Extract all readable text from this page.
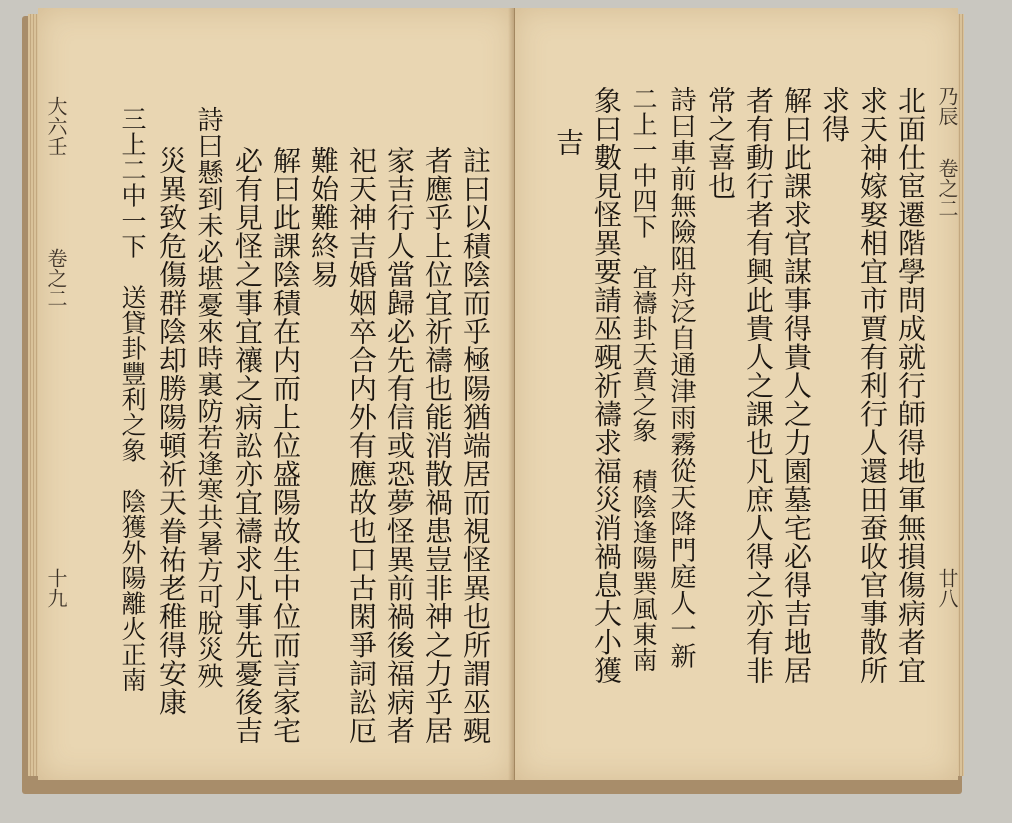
大六壬
卷之二
十九	註曰以積陰而乎極陽猶端居而視怪異也所謂巫覡
者應乎上位宜祈禱也能消散禍患豈非神之力乎居
家吉行人當歸必先有信或恐夢怪異前禍後福病者
祀天神吉婚姻卒合内外有應故也口古閑爭詞訟厄
難始難終易
解曰此課陰積在内而上位盛陽故生中位而言家宅
必有見怪之事宜禳之病訟亦宜禱求凡事先憂後吉
詩曰懸到未必堪憂來時裏防若逢寒共暑方可脫災殃
災異致危傷群陰却勝陽頓祈天眷祐老稚得安康
三上二中一下　送貸卦豐利之象　陰獲外陽離火正南	乃辰
卷之二
廿八
北面仕宦遷階學問成就行師得地軍無損傷病者宜
求天神嫁娶相宜市賈有利行人還田蚕收官事散所
求得
解曰此課求官謀事得貴人之力園墓宅必得吉地居
者有動行者有興此貴人之課也凡庶人得之亦有非
常之喜也
詩曰車前無險阻舟泛自通津雨霧從天降門庭人一新
二上一中四下　宜禱卦天賁之象　積陰逢陽巽風東南
象曰數見怪異要請巫覡祈禱求福災消禍息大小獲
吉
